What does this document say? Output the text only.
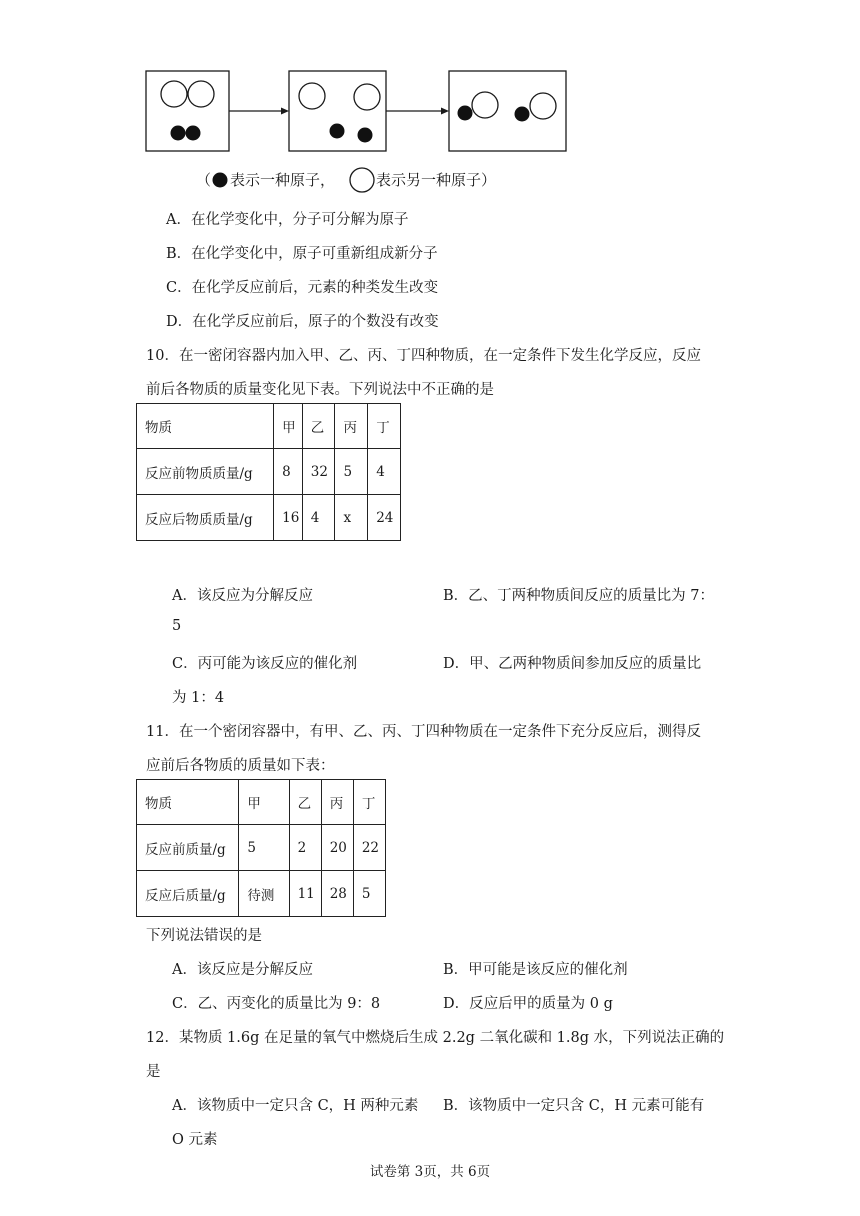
（ 表示一种原子，	表示另一种原子）
A．在化学变化中，分子可分解为原子
B．在化学变化中，原子可重新组成新分子
C．在化学反应前后，元素的种类发生改变
D．在化学反应前后，原子的个数没有改变
10．在一密闭容器内加入甲、乙、丙、丁四种物质，在一定条件下发生化学反应，反应
前后各物质的质量变化见下表。下列说法中不正确的是
物质	甲	乙	丙	丁
反应前物质质量/g	8	32	5	4
反应后物质质量/g	16	4	x	24
A．该反应为分解反应	B．乙、丁两种物质间反应的质量比为 7：
5
C．丙可能为该反应的催化剂	D．甲、乙两种物质间参加反应的质量比
为 1：4
11．在一个密闭容器中，有甲、乙、丙、丁四种物质在一定条件下充分反应后，测得反
应前后各物质的质量如下表：
物质	甲	乙	丙	丁
反应前质量/g	5	2	20	22
反应后质量/g	待测	11	28	5
下列说法错误的是
A．该反应是分解反应	B．甲可能是该反应的催化剂
C．乙、丙变化的质量比为 9：8	D．反应后甲的质量为 0 g
12．某物质 1.6g 在足量的氧气中燃烧后生成 2.2g 二氧化碳和 1.8g 水，下列说法正确的
是
A．该物质中一定只含 C，H 两种元素 B．该物质中一定只含 C，H 元素可能有
O 元素
试卷第 3页，共 6页
